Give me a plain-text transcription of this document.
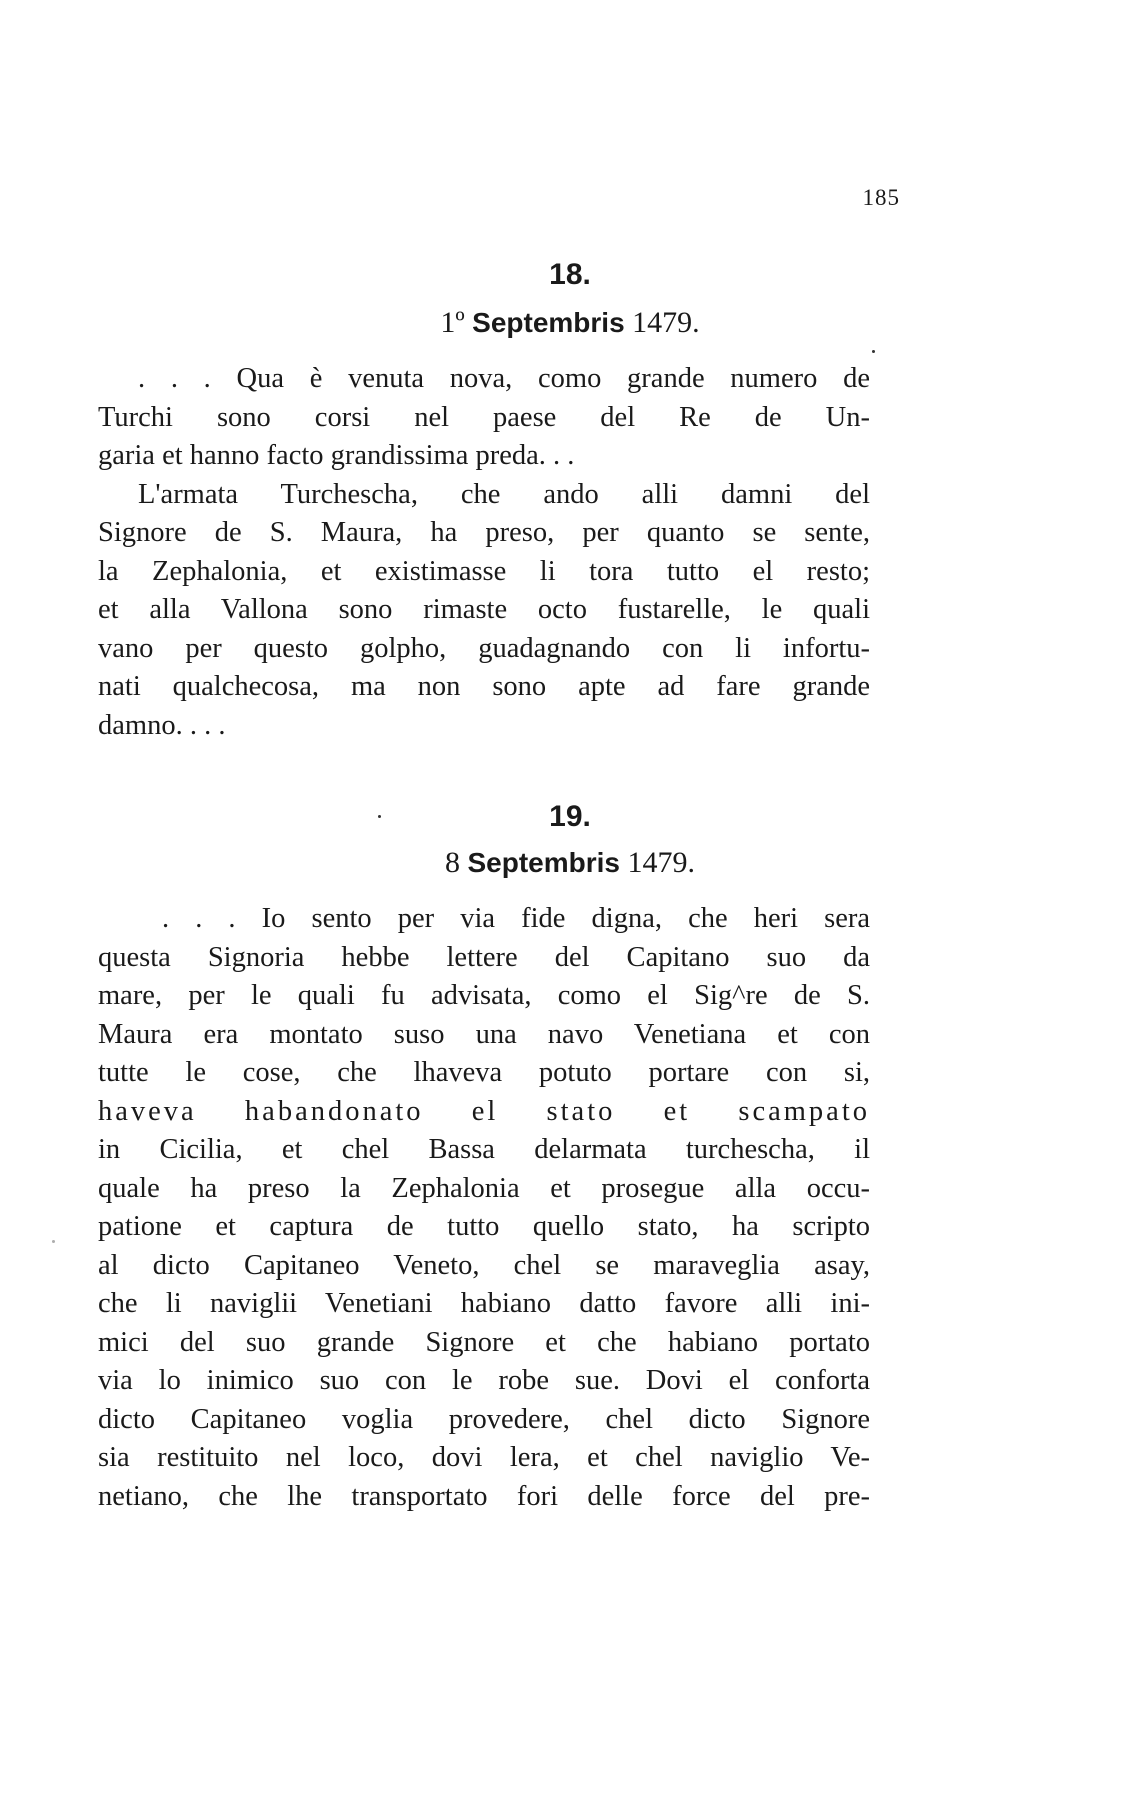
185
18.
1º Septembris 1479.
. . . Qua è venuta nova, como grande numero de
Turchi sono corsi nel paese del Re de Un-
garia et hanno facto grandissima preda. . .
L'armata Turchescha, che ando alli damni del
Signore de S. Maura, ha preso, per quanto se sente,
la Zephalonia, et existimasse li tora tutto el resto;
et alla Vallona sono rimaste octo fustarelle, le quali
vano per questo golpho, guadagnando con li infortu-
nati qualchecosa, ma non sono apte ad fare grande
damno. . . .
19.
8 Septembris 1479.
. . . Io sento per via fide digna, che heri sera
questa Signoria hebbe lettere del Capitano suo da
mare, per le quali fu advisata, como el Sig^re de S.
Maura era montato suso una navo Venetiana et con
tutte le cose, che lhaveva potuto portare con si,
haveva habandonato el stato et scampato
in Cicilia, et chel Bassa delarmata turchescha, il
quale ha preso la Zephalonia et prosegue alla occu-
patione et captura de tutto quello stato, ha scripto
al dicto Capitaneo Veneto, chel se maraveglia asay,
che li naviglii Venetiani habiano datto favore alli ini-
mici del suo grande Signore et che habiano portato
via lo inimico suo con le robe sue. Dovi el conforta
dicto Capitaneo voglia provedere, chel dicto Signore
sia restituito nel loco, dovi lera, et chel naviglio Ve-
netiano, che lhe transportato fori delle force del pre-
